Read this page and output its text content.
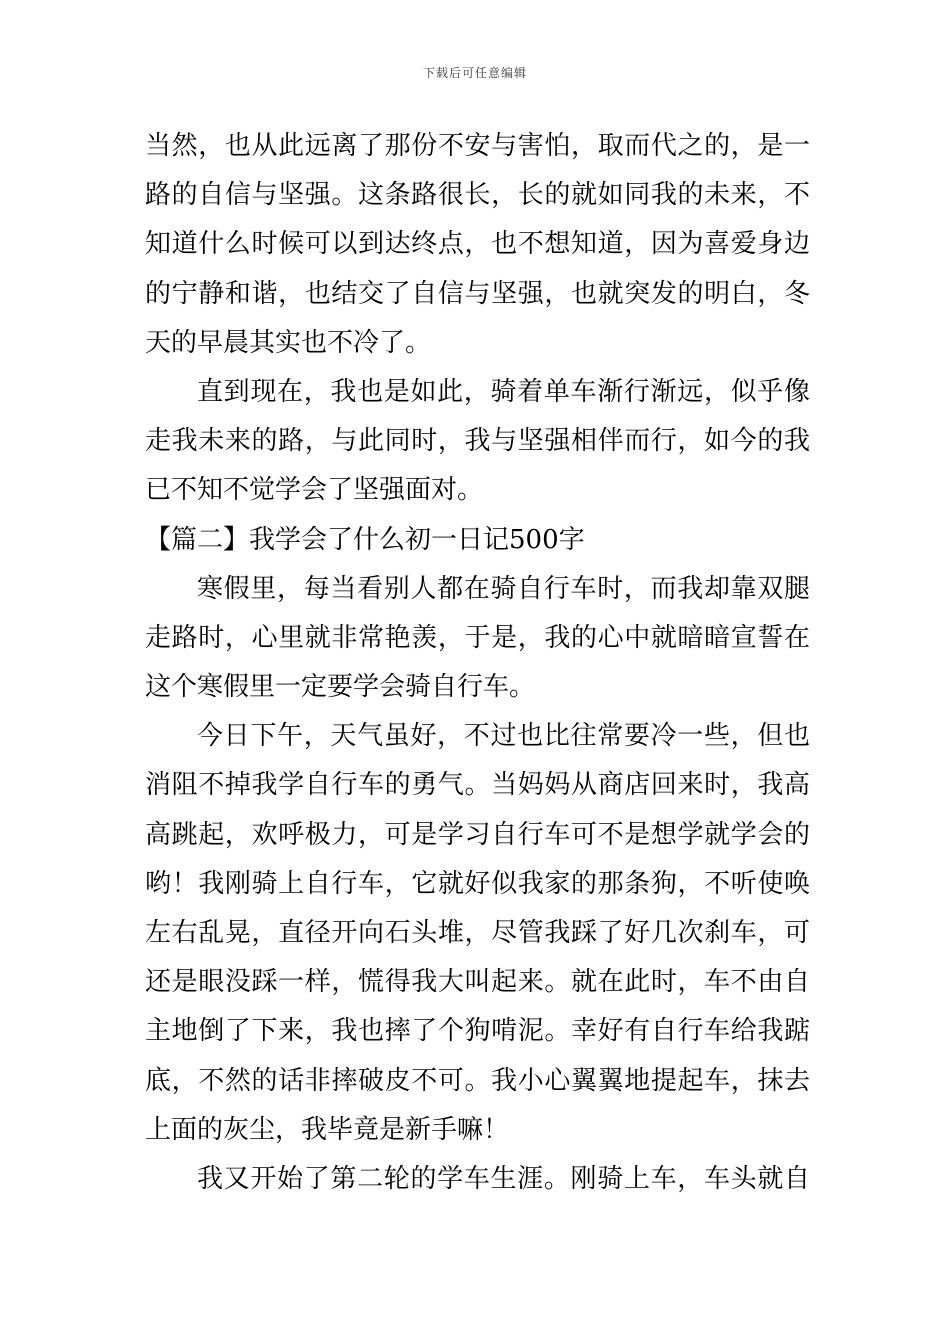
下载后可任意编辑
当然，也从此远离了那份不安与害怕，取而代之的，是一
路的自信与坚强。这条路很长，长的就如同我的未来，不
知道什么时候可以到达终点，也不想知道，因为喜爱身边
的宁静和谐，也结交了自信与坚强，也就突发的明白，冬
天的早晨其实也不冷了。
直到现在，我也是如此，骑着单车渐行渐远，似乎像
走我未来的路，与此同时，我与坚强相伴而行，如今的我
已不知不觉学会了坚强面对。
【篇二】我学会了什么初一日记500字
寒假里，每当看别人都在骑自行车时，而我却靠双腿
走路时，心里就非常艳羡，于是，我的心中就暗暗宣誓在
这个寒假里一定要学会骑自行车。
今日下午，天气虽好，不过也比往常要冷一些，但也
消阻不掉我学自行车的勇气。当妈妈从商店回来时，我高
高跳起，欢呼极力，可是学习自行车可不是想学就学会的
哟！我刚骑上自行车，它就好似我家的那条狗，不听使唤
左右乱晃，直径开向石头堆，尽管我踩了好几次刹车，可
还是眼没踩一样，慌得我大叫起来。就在此时，车不由自
主地倒了下来，我也摔了个狗啃泥。幸好有自行车给我踮
底，不然的话非摔破皮不可。我小心翼翼地提起车，抹去
上面的灰尘，我毕竟是新手嘛！
我又开始了第二轮的学车生涯。刚骑上车，车头就自
